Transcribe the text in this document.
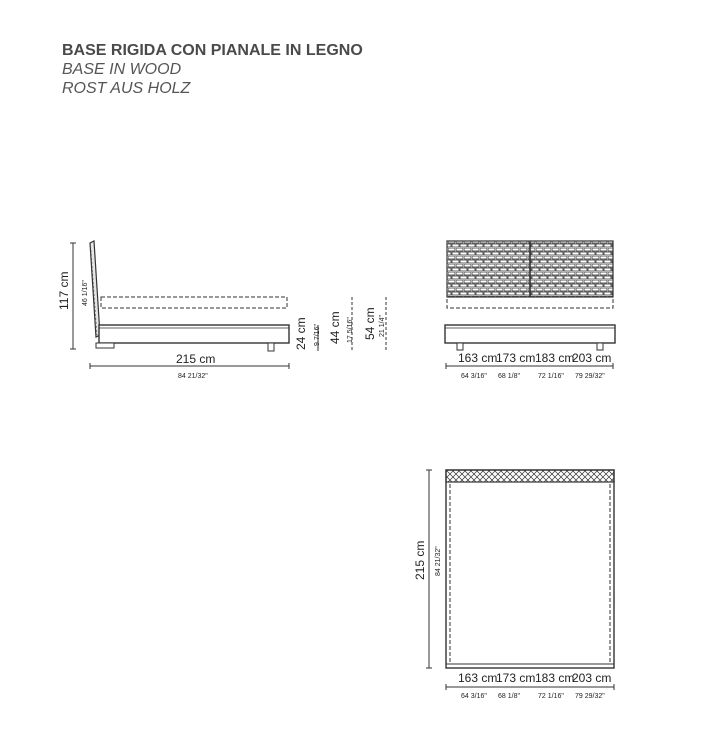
BASE RIGIDA CON PIANALE IN LEGNO
BASE IN WOOD
ROST AUS HOLZ
117 cm 46 1/16"
215 cm
84 21/32"
24 cm 9 7/16" 44 cm 17 5/16" 54 cm 21 1/4"
163 cm
173 cm 183 cm
203 cm
64 3/16" 68 1/8"	72 1/16" 79 29/32"
215 cm 84 21/32"
163 cm
173 cm 183 cm
203 cm
64 3/16" 68 1/8"	72 1/16" 79 29/32"
